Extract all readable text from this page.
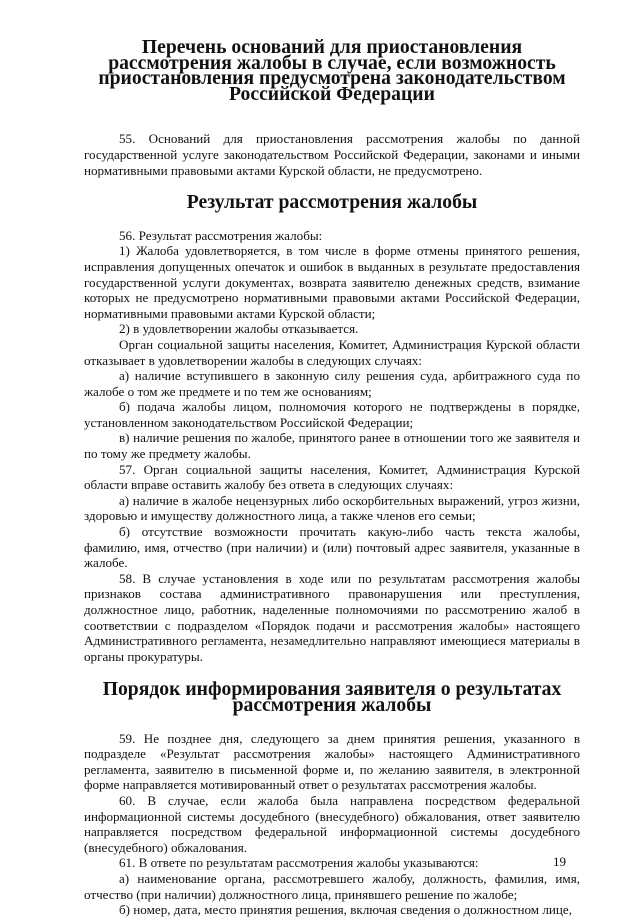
Перечень оснований для приостановления рассмотрения жалобы в случае, если возможность приостановления предусмотрена законодательством Российской Федерации

55. Оснований для приостановления рассмотрения жалобы по данной государственной услуге законодательством Российской Федерации, законами и иными нормативными правовыми актами Курской области, не предусмотрено.

Результат рассмотрения жалобы

56. Результат рассмотрения жалобы:

1) Жалоба удовлетворяется, в том числе в форме отмены принятого решения, исправления допущенных опечаток и ошибок в выданных в результате предоставления государственной услуги документах, возврата заявителю денежных средств, взимание которых не предусмотрено нормативными правовыми актами Российской Федерации, нормативными правовыми актами Курской области;

2) в удовлетворении жалобы отказывается.

Орган социальной защиты населения, Комитет, Администрация Курской области отказывает в удовлетворении жалобы в следующих случаях:

а) наличие вступившего в законную силу решения суда, арбитражного суда по жалобе о том же предмете и по тем же основаниям;

б) подача жалобы лицом, полномочия которого не подтверждены в порядке, установленном законодательством Российской Федерации;

в) наличие решения по жалобе, принятого ранее в отношении того же заявителя и по тому же предмету жалобы.

57. Орган социальной защиты населения, Комитет, Администрация Курской области вправе оставить жалобу без ответа в следующих случаях:

а) наличие в жалобе нецензурных либо оскорбительных выражений, угроз жизни, здоровью и имуществу должностного лица, а также членов его семьи;

б) отсутствие возможности прочитать какую-либо часть текста жалобы, фамилию, имя, отчество (при наличии) и (или) почтовый адрес заявителя, указанные в жалобе.

58. В случае установления в ходе или по результатам рассмотрения жалобы признаков состава административного правонарушения или преступления, должностное лицо, работник, наделенные полномочиями по рассмотрению жалоб в соответствии с подразделом «Порядок подачи и рассмотрения жалобы» настоящего Административного регламента, незамедлительно направляют имеющиеся материалы в органы прокуратуры.

Порядок информирования заявителя о результатах рассмотрения жалобы

59. Не позднее дня, следующего за днем принятия решения, указанного в подразделе «Результат рассмотрения жалобы» настоящего Административного регламента, заявителю в письменной форме и, по желанию заявителя, в электронной форме направляется мотивированный ответ о результатах рассмотрения жалобы.

60. В случае, если жалоба была направлена посредством федеральной информационной системы досудебного (внесудебного) обжалования, ответ заявителю направляется посредством федеральной информационной системы досудебного (внесудебного) обжалования.

61. В ответе по результатам рассмотрения жалобы указываются:

а) наименование органа, рассмотревшего жалобу, должность, фамилия, имя, отчество (при наличии) должностного лица, принявшего решение по жалобе;

б) номер, дата, место принятия решения, включая сведения о должностном лице,

19
